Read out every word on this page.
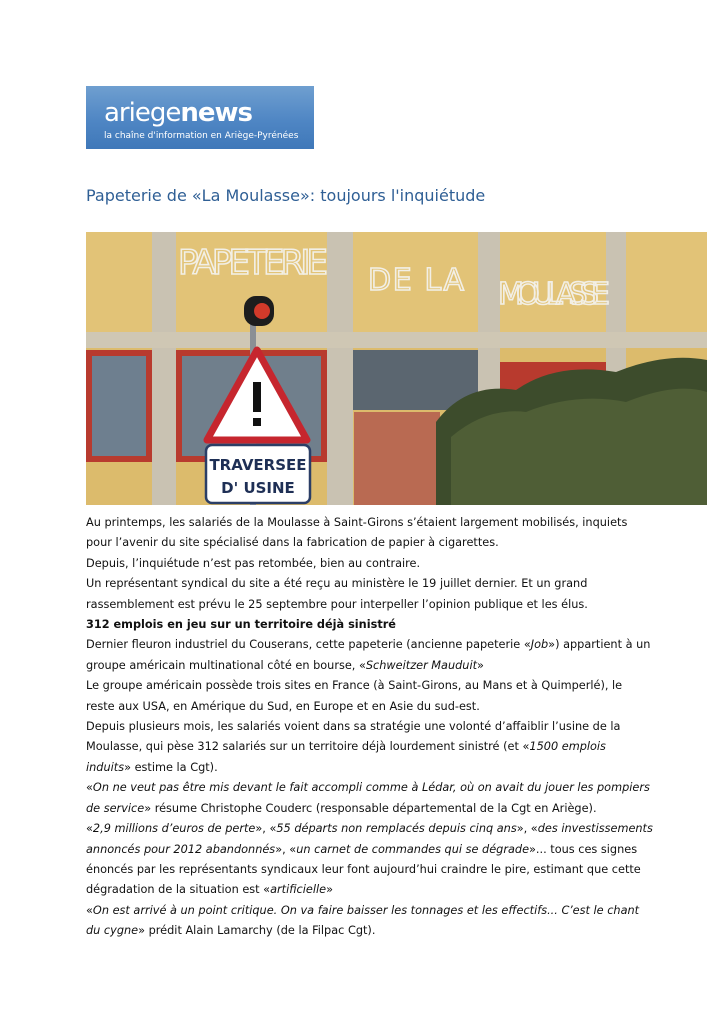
ariegenews
la chaîne d'information en Ariège-Pyrénées
Papeterie de «La Moulasse»: toujours l'inquiétude
PAPETERIE DE LA MOULASSE
TRAVERSEE
D' USINE

Au printemps, les salariés de la Moulasse à Saint-Girons s’étaient largement mobilisés, inquiets

pour l’avenir du site spécialisé dans la fabrication de papier à cigarettes.

Depuis, l’inquiétude n’est pas retombée, bien au contraire.

Un représentant syndical du site a été reçu au ministère le 19 juillet dernier. Et un grand

rassemblement est prévu le 25 septembre pour interpeller l’opinion publique et les élus.

312 emplois en jeu sur un territoire déjà sinistré

Dernier fleuron industriel du Couserans, cette papeterie (ancienne papeterie «Job») appartient à un

groupe américain multinational côté en bourse, «Schweitzer Mauduit»

Le groupe américain possède trois sites en France (à Saint-Girons, au Mans et à Quimperlé), le

reste aux USA, en Amérique du Sud, en Europe et en Asie du sud-est.

Depuis plusieurs mois, les salariés voient dans sa stratégie une volonté d’affaiblir l’usine de la

Moulasse, qui pèse 312 salariés sur un territoire déjà lourdement sinistré (et «1500 emplois

induits» estime la Cgt).

«On ne veut pas être mis devant le fait accompli comme à Lédar, où on avait du jouer les pompiers

de service» résume Christophe Couderc (responsable départemental de la Cgt en Ariège).

«2,9 millions d’euros de perte», «55 départs non remplacés depuis cinq ans», «des investissements

annoncés pour 2012 abandonnés», «un carnet de commandes qui se dégrade»... tous ces signes

énoncés par les représentants syndicaux leur font aujourd’hui craindre le pire, estimant que cette

dégradation de la situation est «artificielle»

«On est arrivé à un point critique. On va faire baisser les tonnages et les effectifs... C’est le chant

du cygne» prédit Alain Lamarchy (de la Filpac Cgt).
